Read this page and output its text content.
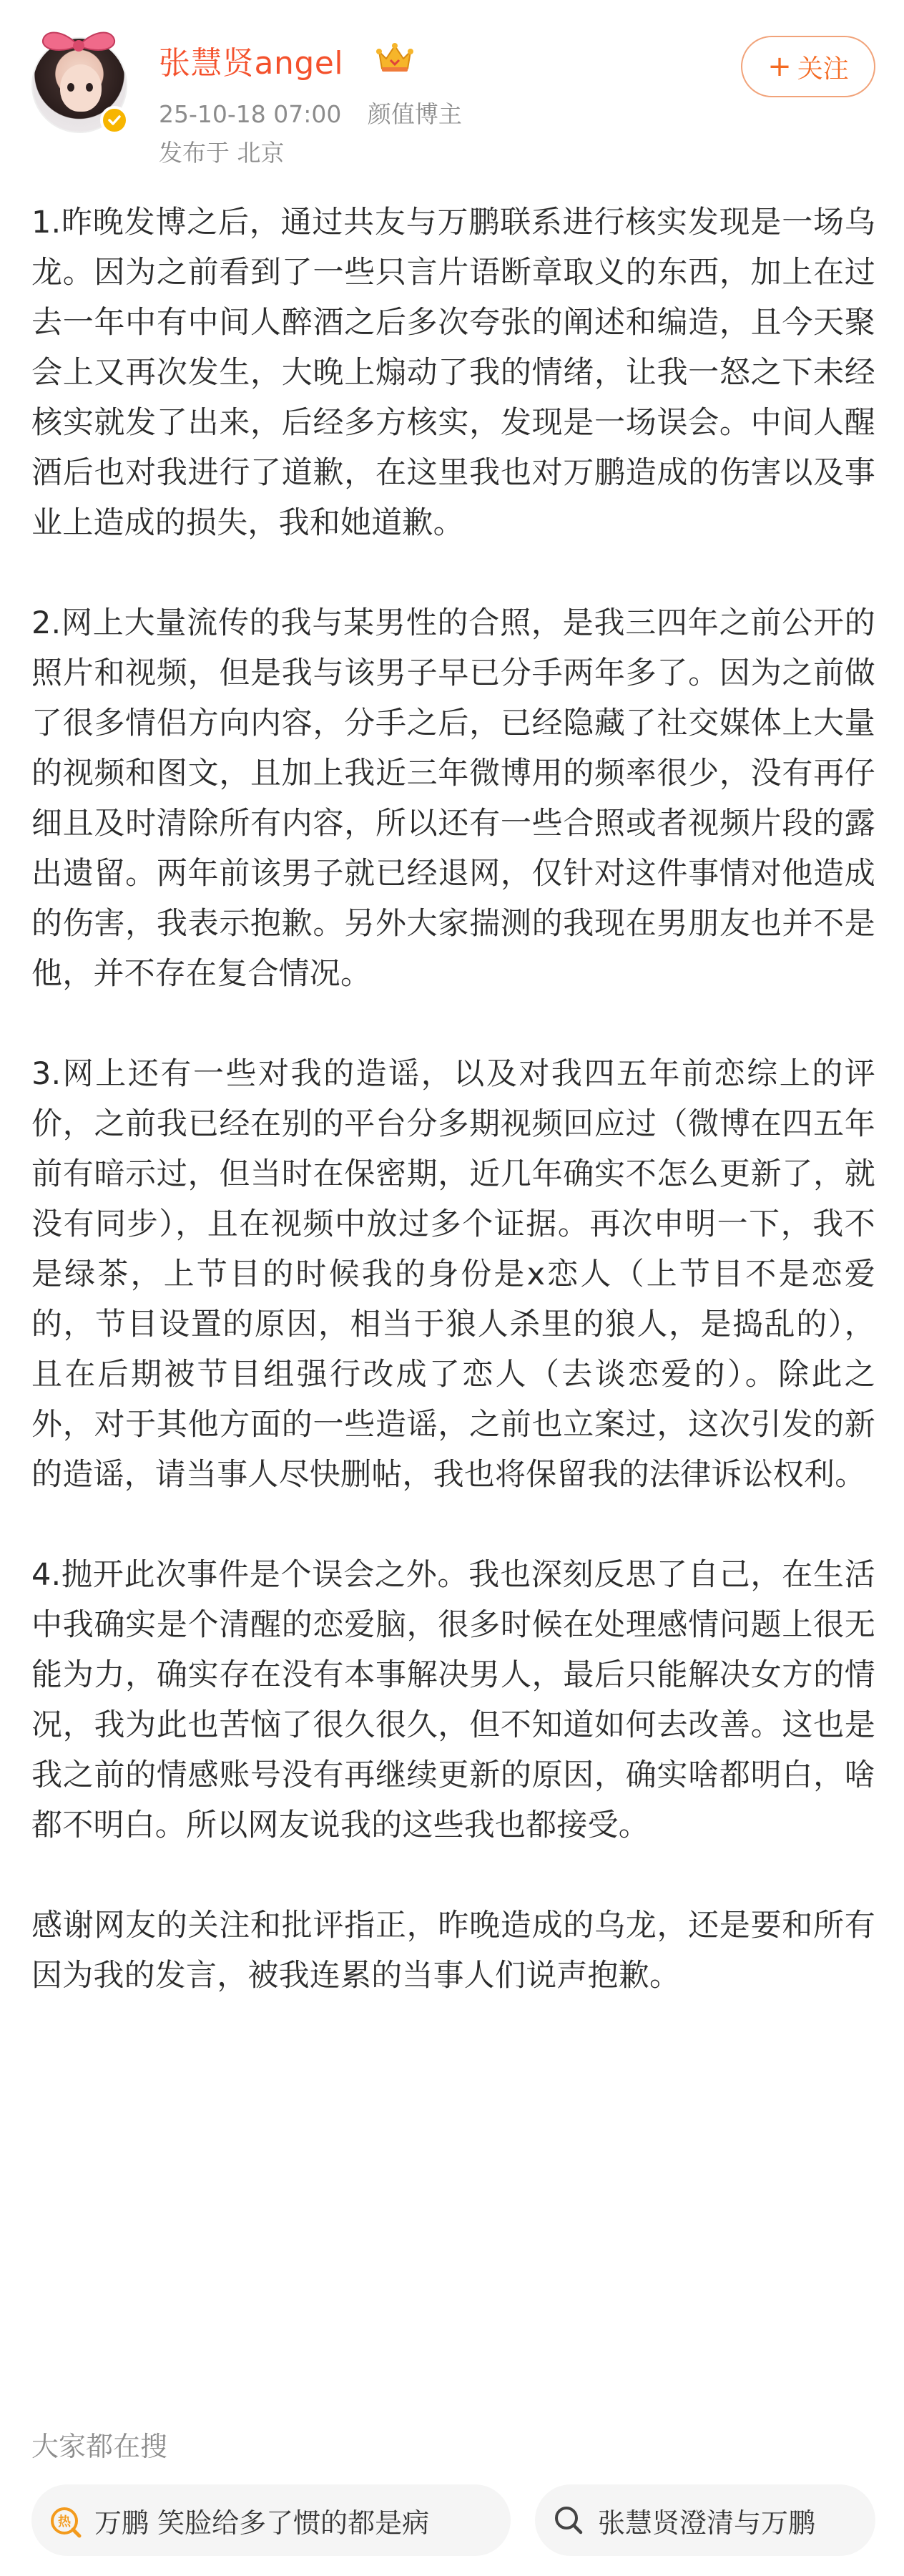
张慧贤angel
25-10-18 07:00 颜值博主
发布于 北京
+ 关注

1.昨晚发博之后，通过共友与万鹏联系进行核实发现是一场乌龙。因为之前看到了一些只言片语断章取义的东西，加上在过去一年中有中间人醉酒之后多次夸张的阐述和编造，且今天聚会上又再次发生，大晚上煽动了我的情绪，让我一怒之下未经核实就发了出来，后经多方核实，发现是一场误会。中间人醒酒后也对我进行了道歉，在这里我也对万鹏造成的伤害以及事业上造成的损失，我和她道歉。

2.网上大量流传的我与某男性的合照，是我三四年之前公开的照片和视频，但是我与该男子早已分手两年多了。因为之前做了很多情侣方向内容，分手之后，已经隐藏了社交媒体上大量的视频和图文，且加上我近三年微博用的频率很少，没有再仔细且及时清除所有内容，所以还有一些合照或者视频片段的露出遗留。两年前该男子就已经退网，仅针对这件事情对他造成的伤害，我表示抱歉。另外大家揣测的我现在男朋友也并不是他，并不存在复合情况。

3.网上还有一些对我的造谣，以及对我四五年前恋综上的评价，之前我已经在别的平台分多期视频回应过（微博在四五年前有暗示过，但当时在保密期，近几年确实不怎么更新了，就没有同步），且在视频中放过多个证据。再次申明一下，我不是绿茶，上节目的时候我的身份是x恋人（上节目不是恋爱的，节目设置的原因，相当于狼人杀里的狼人，是捣乱的），且在后期被节目组强行改成了恋人（去谈恋爱的）。除此之外，对于其他方面的一些造谣，之前也立案过，这次引发的新的造谣，请当事人尽快删帖，我也将保留我的法律诉讼权利。

4.抛开此次事件是个误会之外。我也深刻反思了自己，在生活中我确实是个清醒的恋爱脑，很多时候在处理感情问题上很无能为力，确实存在没有本事解决男人，最后只能解决女方的情况，我为此也苦恼了很久很久，但不知道如何去改善。这也是我之前的情感账号没有再继续更新的原因，确实啥都明白，啥都不明白。所以网友说我的这些我也都接受。

感谢网友的关注和批评指正，昨晚造成的乌龙，还是要和所有因为我的发言，被我连累的当事人们说声抱歉。

大家都在搜
热 万鹏 笑脸给多了惯的都是病	张慧贤澄清与万鹏
